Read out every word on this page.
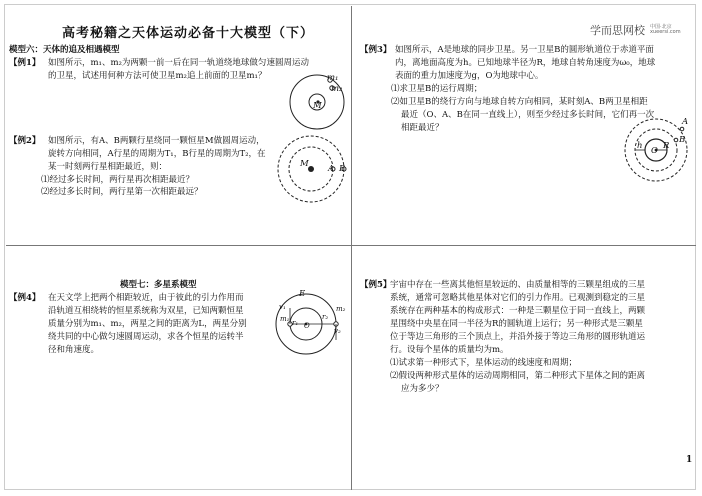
高考秘籍之天体运动必备十大模型（下）	学而思网校 中国·北京
xueersi.com
模型六：天体的追及相遇模型
【例1】 如图所示，m₁、m₂为两颗一前一后在同一轨道绕地球做匀速圆周运动
的卫星，试述用何种方法可使卫星m₂追上前面的卫星m₁？	m₁
m₂
M
【例2】 如图所示，有A、B两颗行星绕同一颗恒星M做圆周运动，
旋转方向相同，A行星的周期为T₁，B行星的周期为T₂，在
某一时刻两行星相距最近，则：
⑴经过多长时间，两行星再次相距最近？
⑵经过多长时间，两行星第一次相距最远？
M A B
【例3】 如图所示，A是地球的同步卫星。另一卫星B的圆形轨道位于赤道平面
内，离地面高度为h。已知地球半径为R，地球自转角速度为ω₀，地球
表面的重力加速度为g，O为地球中心。
⑴求卫星B的运行周期；
⑵如卫星B的绕行方向与地球自转方向相同，某时刻A、B两卫星相距
最近（O、A、B在同一直线上），则至少经过多长时间，它们再一次
相距最近？
A
B
h O R
模型七：多星系模型
【例4】 在天文学上把两个相距较近，由于彼此的引力作用而
沿轨道互相绕转的恒星系统称为双星，已知两颗恒星
质量分别为m₁、m₂，两星之间的距离为L，两星分别
绕共同的中心做匀速圆周运动，求各个恒星的运转半
径和角速度。
E
v₁
m₁ r₁ O
r₂
m₂
v₂
【例5】
宇宙中存在一些离其他恒星较远的、由质量相等的三颗星组成的三星
系统，通常可忽略其他星体对它们的引力作用。已观测到稳定的三星
系统存在两种基本的构成形式：一种是三颗星位于同一直线上，两颗
星围绕中央星在同一半径为R的圆轨道上运行；另一种形式是三颗星
位于等边三角形的三个顶点上，并沿外接于等边三角形的圆形轨道运
行。设每个星体的质量均为m。
⑴试求第一种形式下，星体运动的线速度和周期；
⑵假设两种形式星体的运动周期相同，第二种形式下星体之间的距离
应为多少？
1
